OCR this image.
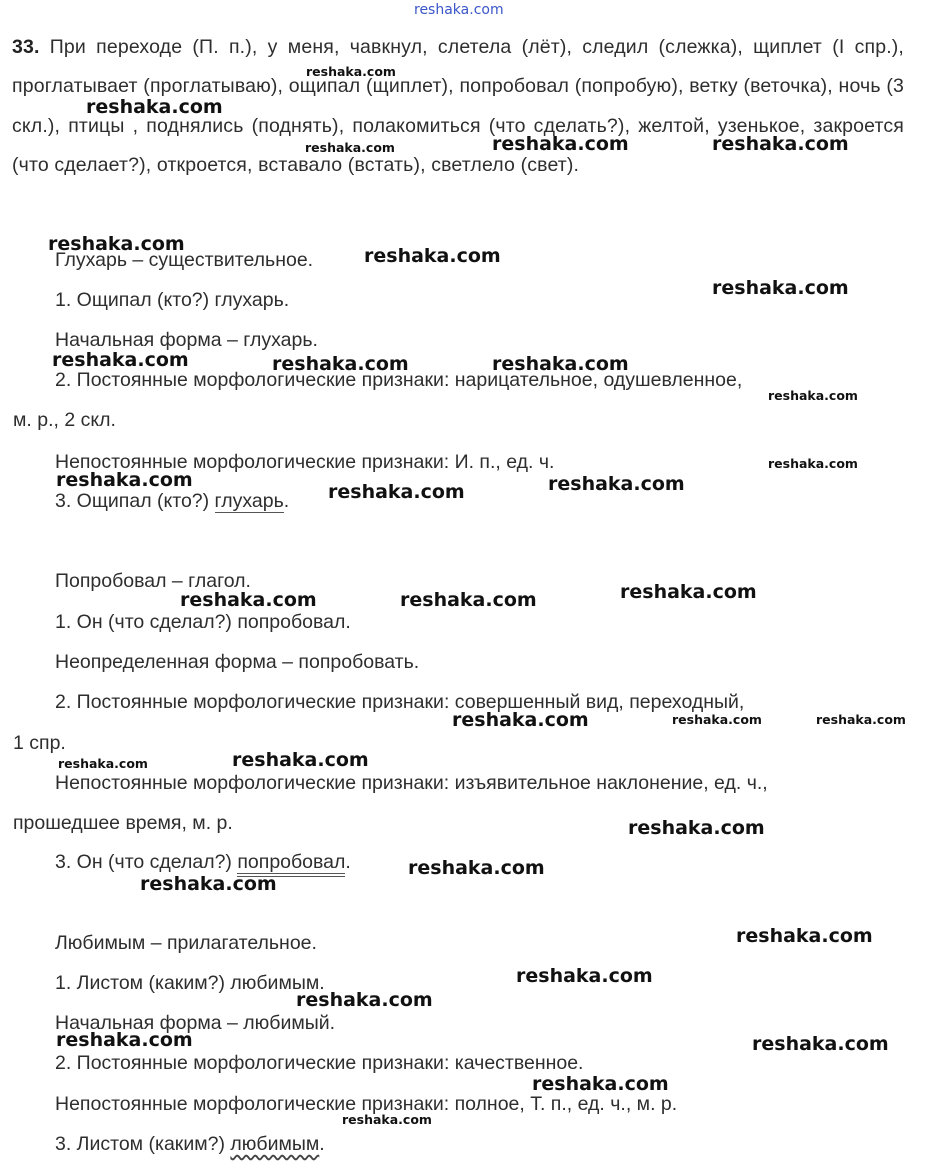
reshaka.com
33. При переходе (П. п.), у меня, чавкнул, слетела (лёт), следил (слежка), щиплет (I спр.), проглатывает (проглатываю), ощипал (щиплет), попробовал (попробую), ветку (веточка), ночь (3 скл.), птицы , поднялись (поднять), полакомиться (что сделать?), желтой, узенькое, закроется (что сделает?), откроется, вставало (встать), светлело (свет).
Глухарь – существительное.
1. Ощипал (кто?) глухарь.
Начальная форма – глухарь.
2. Постоянные морфологические признаки: нарицательное, одушевленное,
м. р., 2 скл.
Непостоянные морфологические признаки: И. п., ед. ч.
3. Ощипал (кто?) глухарь.
Попробовал – глагол.
1. Он (что сделал?) попробовал.
Неопределенная форма – попробовать.
2. Постоянные морфологические признаки: совершенный вид, переходный,
1 спр.
Непостоянные морфологические признаки: изъявительное наклонение, ед. ч.,
прошедшее время, м. р.
3. Он (что сделал?) попробовал.
Любимым – прилагательное.
1. Листом (каким?) любимым.
Начальная форма – любимый.
2. Постоянные морфологические признаки: качественное.
Непостоянные морфологические признаки: полное, Т. п., ед. ч., м. р.
3. Листом (каким?) любимым.
reshaka.com
reshaka.com
reshaka.com	reshaka.com
reshaka.com
reshaka.com
reshaka.com
reshaka.com
reshaka.com	reshaka.com	reshaka.com
reshaka.com
reshaka.com
reshaka.com	reshaka.com
reshaka.com
reshaka.com
reshaka.com	reshaka.com
reshaka.com	reshaka.com	reshaka.com
reshaka.com
reshaka.com
reshaka.com
reshaka.com
reshaka.com
reshaka.com
reshaka.com
reshaka.com
reshaka.com	reshaka.com
reshaka.com
reshaka.com
